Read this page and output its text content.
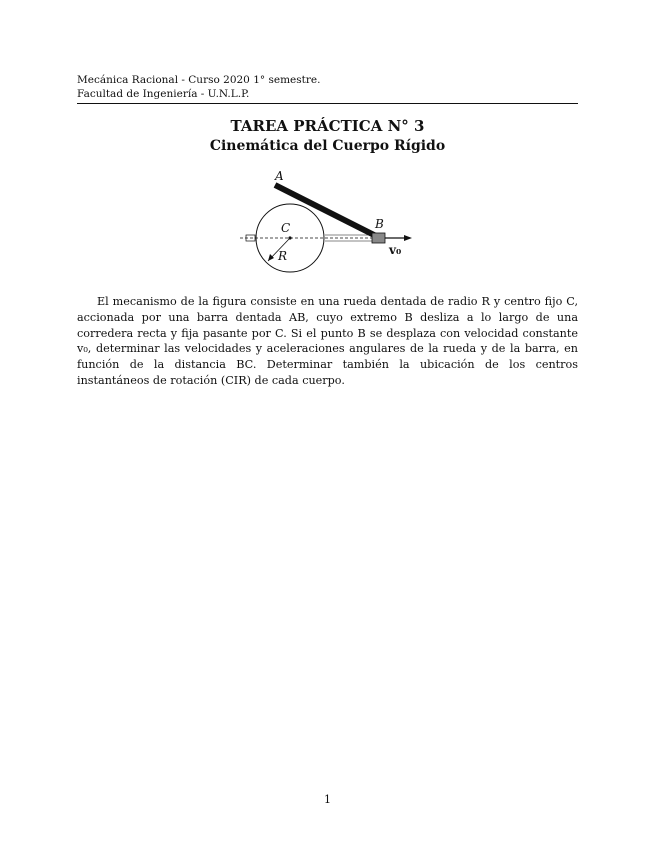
Mecánica Racional - Curso 2020 1° semestre.
Facultad de Ingeniería - U.N.L.P.
TAREA PRÁCTICA N° 3
Cinemática del Cuerpo Rígido
A
B
C
R	v₀

El mecanismo de la figura consiste en una rueda dentada de radio R y centro fijo C, accionada por una barra dentada AB, cuyo extremo B desliza a lo largo de una corredera recta y fija pasante por C. Si el punto B se desplaza con velocidad constante v₀, determinar las velocidades y aceleraciones angulares de la rueda y de la barra, en función de la distancia BC. Determinar también la ubicación de los centros instantáneos de rotación (CIR) de cada cuerpo.

1
